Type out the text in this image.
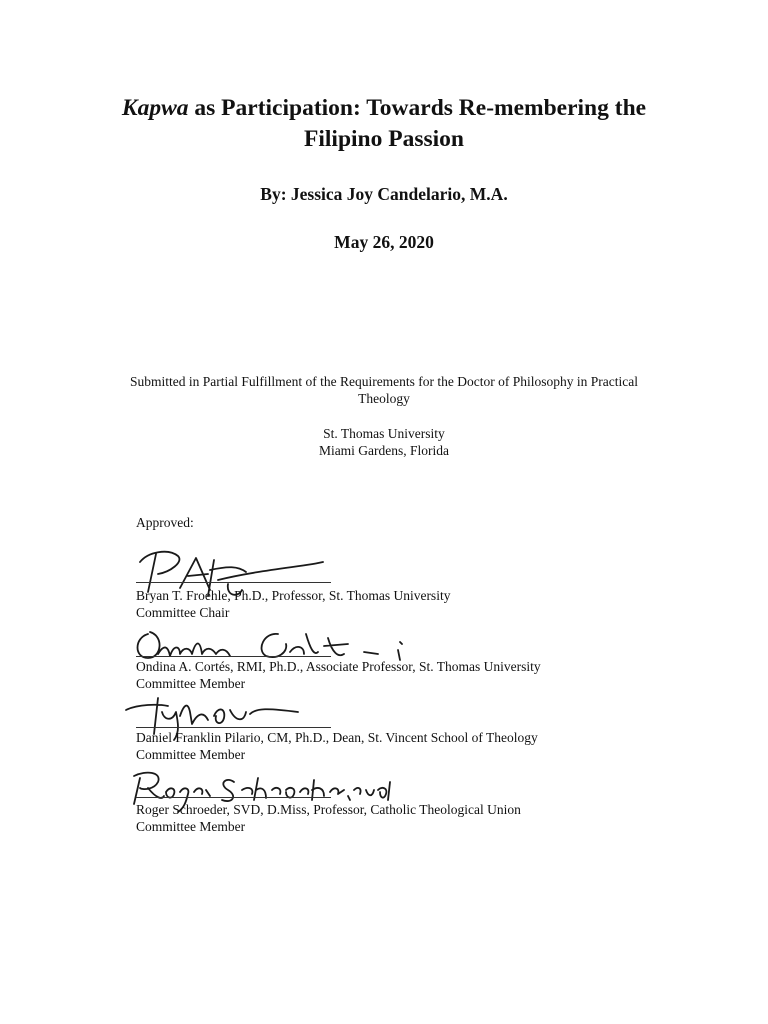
Kapwa as Participation: Towards Re-membering the
Filipino Passion
By: Jessica Joy Candelario, M.A.
May 26, 2020
Submitted in Partial Fulfillment of the Requirements for the Doctor of Philosophy in Practical
Theology
St. Thomas University
Miami Gardens, Florida
Approved:
Bryan T. Froehle, Ph.D., Professor, St. Thomas University
Committee Chair
Ondina A. Cortés, RMI, Ph.D., Associate Professor, St. Thomas University
Committee Member
Daniel Franklin Pilario, CM, Ph.D., Dean, St. Vincent School of Theology
Committee Member
Roger Schroeder, SVD, D.Miss, Professor, Catholic Theological Union
Committee Member
